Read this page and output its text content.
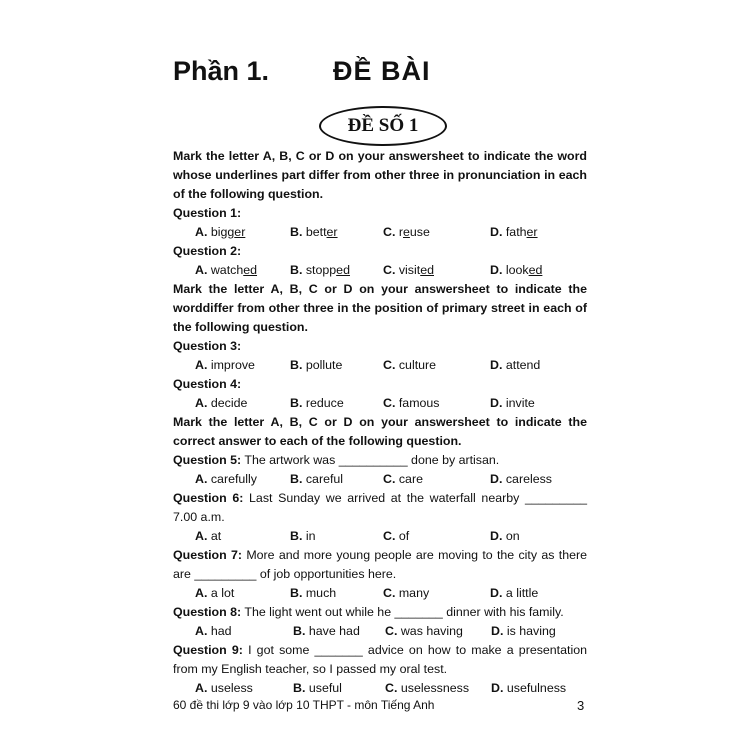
Phần 1. ĐỀ BÀI
ĐỀ SỐ 1
Mark the letter A, B, C or D on your answersheet to indicate the word whose underlines part differ from other three in pronunciation in each of the following question.
Question 1:
A. bigger	B. better	C. reuse	D. father
Question 2:
A. watched	B. stopped	C. visited	D. looked
Mark the letter A, B, C or D on your answersheet to indicate the worddiffer from other three in the position of primary street in each of the following question.
Question 3:
A. improve	B. pollute	C. culture	D. attend
Question 4:
A. decide	B. reduce	C. famous	D. invite
Mark the letter A, B, C or D on your answersheet to indicate the correct answer to each of the following question.
Question 5: The artwork was __________ done by artisan.
A. carefully	B. careful	C. care	D. careless
Question 6: Last Sunday we arrived at the waterfall nearby _________ 7.00 a.m.
A. at	B. in	C. of	D. on
Question 7: More and more young people are moving to the city as there are _________ of job opportunities here.
A. a lot	B. much	C. many	D. a little
Question 8: The light went out while he _______ dinner with his family.
A. had	B. have had	C. was having	D. is having
Question 9: I got some _______ advice on how to make a presentation from my English teacher, so I passed my oral test.
A. useless	B. useful	C. uselessness	D. usefulness
60 đề thi lớp 9 vào lớp 10 THPT - môn Tiếng Anh	3
